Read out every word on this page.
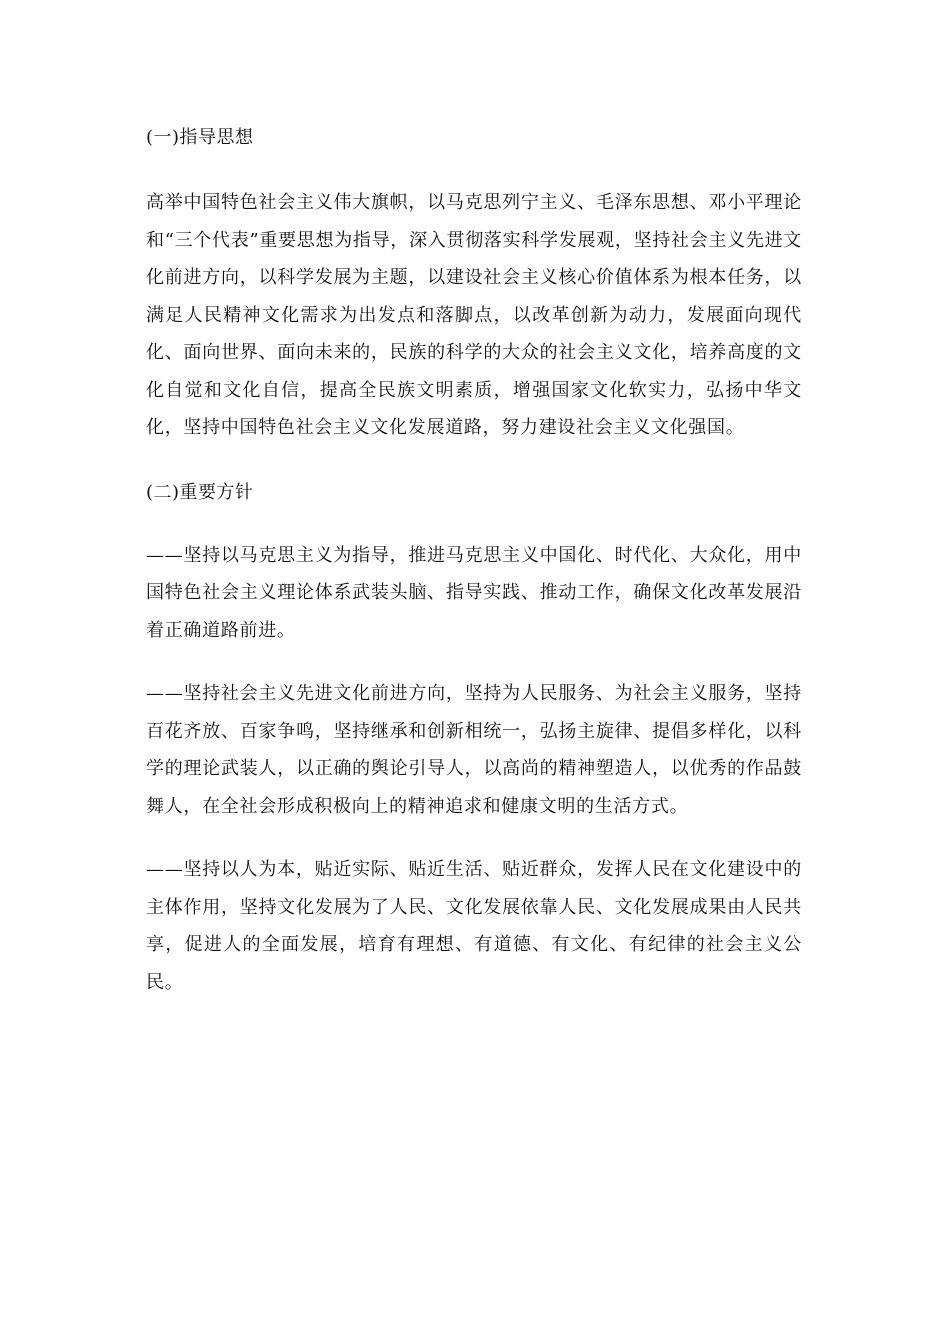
(一)指导思想

高举中国特色社会主义伟大旗帜，以马克思列宁主义、毛泽东思想、邓小平理论和“三个代表”重要思想为指导，深入贯彻落实科学发展观，坚持社会主义先进文化前进方向，以科学发展为主题，以建设社会主义核心价值体系为根本任务，以满足人民精神文化需求为出发点和落脚点，以改革创新为动力，发展面向现代化、面向世界、面向未来的，民族的科学的大众的社会主义文化，培养高度的文化自觉和文化自信，提高全民族文明素质，增强国家文化软实力，弘扬中华文化，坚持中国特色社会主义文化发展道路，努力建设社会主义文化强国。

(二)重要方针

——坚持以马克思主义为指导，推进马克思主义中国化、时代化、大众化，用中国特色社会主义理论体系武装头脑、指导实践、推动工作，确保文化改革发展沿着正确道路前进。

——坚持社会主义先进文化前进方向，坚持为人民服务、为社会主义服务，坚持百花齐放、百家争鸣，坚持继承和创新相统一，弘扬主旋律、提倡多样化，以科学的理论武装人，以正确的舆论引导人，以高尚的精神塑造人，以优秀的作品鼓舞人，在全社会形成积极向上的精神追求和健康文明的生活方式。

——坚持以人为本，贴近实际、贴近生活、贴近群众，发挥人民在文化建设中的主体作用，坚持文化发展为了人民、文化发展依靠人民、文化发展成果由人民共享，促进人的全面发展，培育有理想、有道德、有文化、有纪律的社会主义公民。
